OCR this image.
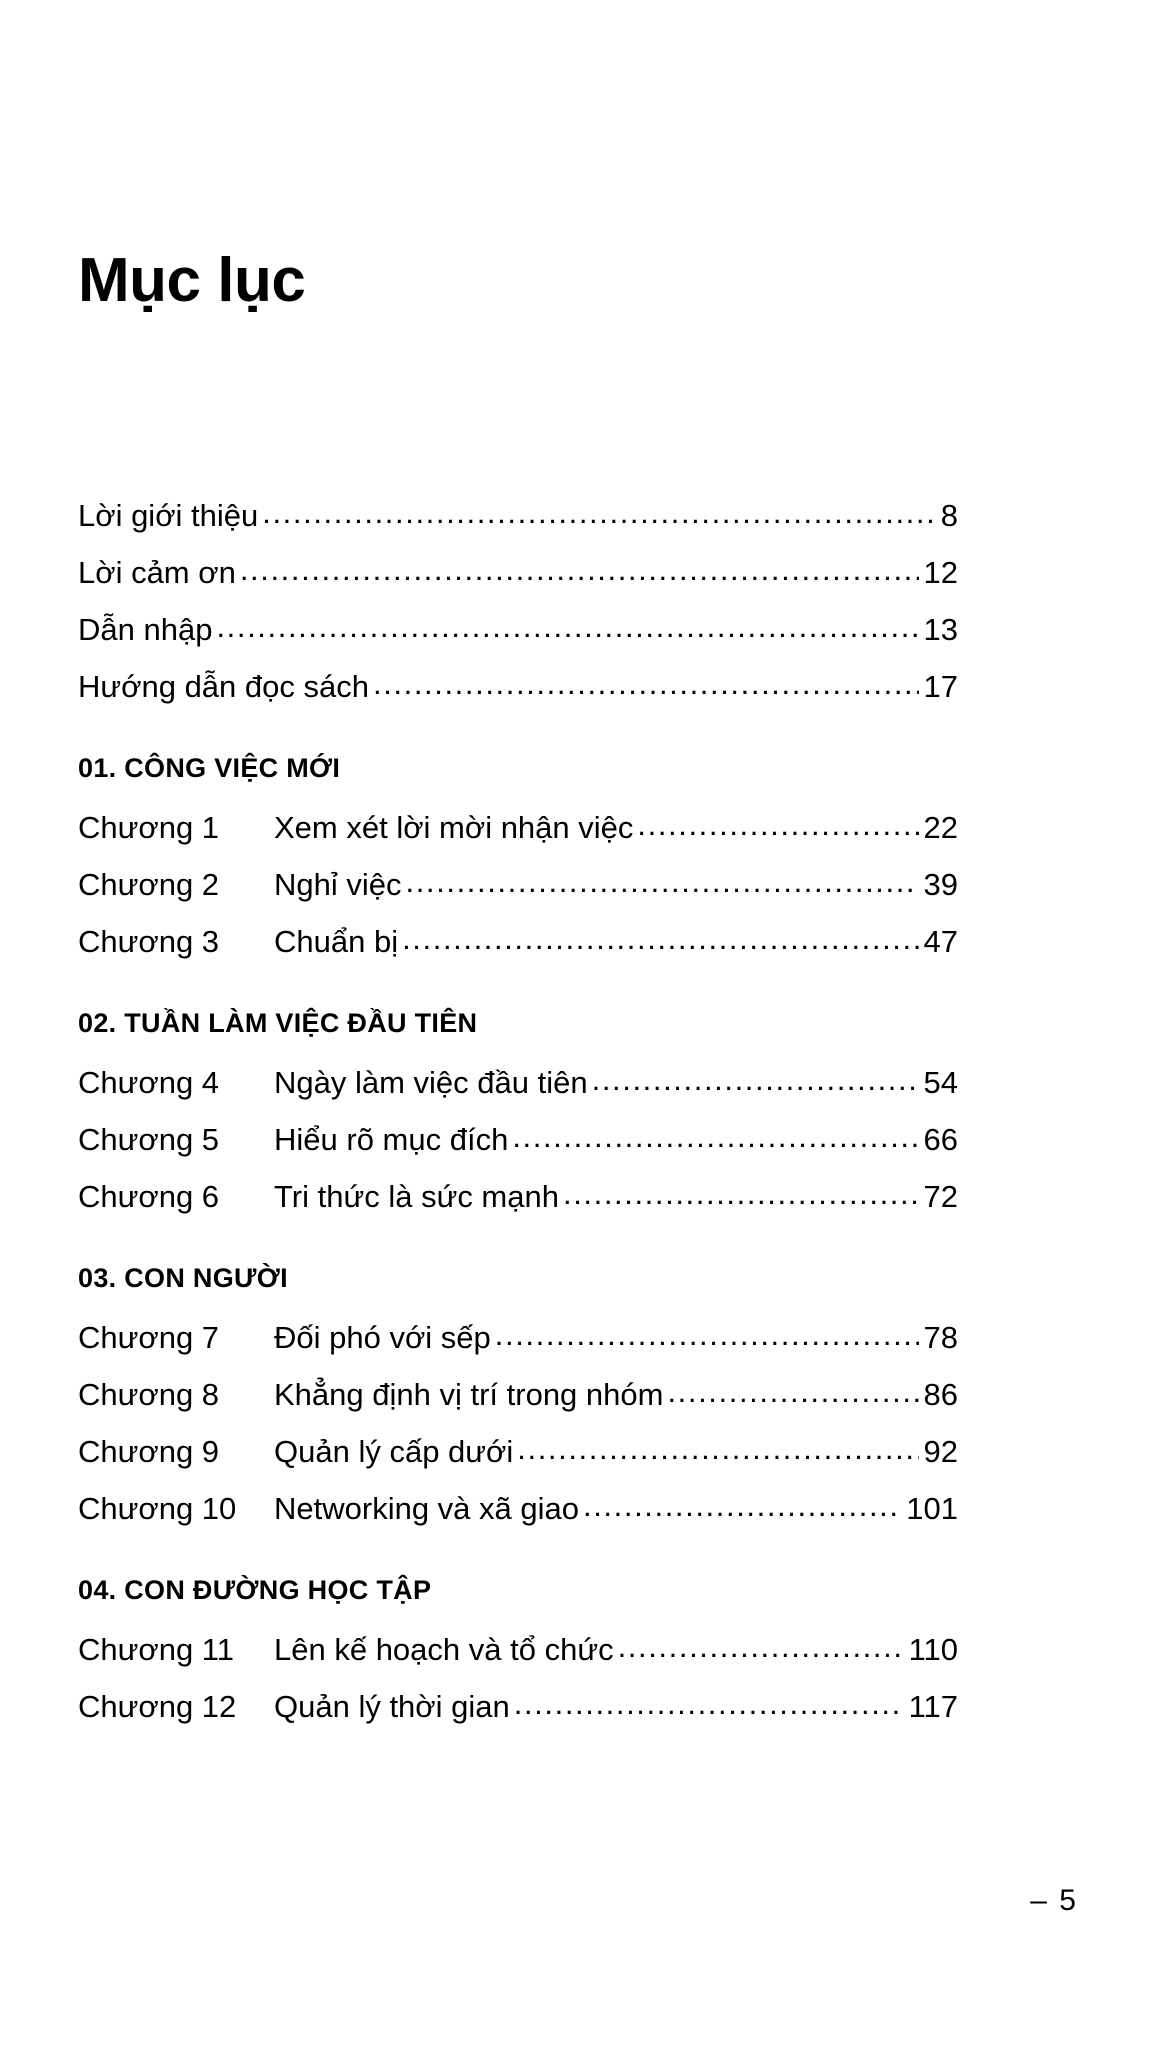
Mục lục
Lời giới thiệu .....	8
Lời cảm ơn .....	12
Dẫn nhập .....	13
Hướng dẫn đọc sách .....	17
01. CÔNG VIỆC MỚI
Chương 1	Xem xét lời mời nhận việc .....	22
Chương 2	Nghỉ việc .....	39
Chương 3	Chuẩn bị .....	47
02. TUẦN LÀM VIỆC ĐẦU TIÊN
Chương 4	Ngày làm việc đầu tiên .....	54
Chương 5	Hiểu rõ mục đích .....	66
Chương 6	Tri thức là sức mạnh .....	72
03. CON NGƯỜI
Chương 7	Đối phó với sếp .....	78
Chương 8	Khẳng định vị trí trong nhóm .....	86
Chương 9	Quản lý cấp dưới .....	92
Chương 10	Networking và xã giao .....	101
04. CON ĐƯỜNG HỌC TẬP
Chương 11	Lên kế hoạch và tổ chức .....	110
Chương 12	Quản lý thời gian .....	117
– 5
